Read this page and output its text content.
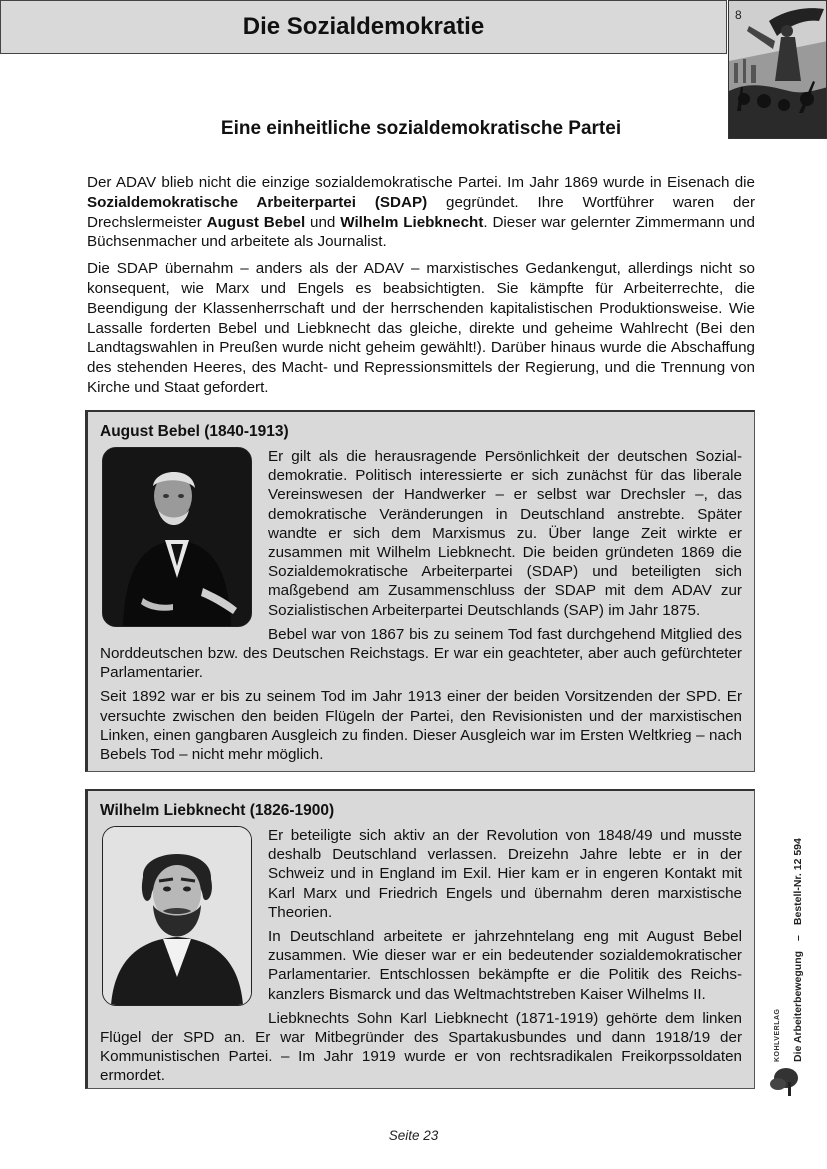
Die Sozialdemokratie	8
Eine einheitliche sozialdemokratische Partei

Der ADAV blieb nicht die einzige sozialdemokratische Partei. Im Jahr 1869 wurde in Eisenach die Sozialdemokratische Arbeiterpartei (SDAP) gegründet. Ihre Wortführer waren der Drechslermeister August Bebel und Wilhelm Liebknecht. Dieser war gelernter Zimmermann und Büchsenmacher und arbeitete als Journalist.

Die SDAP übernahm – anders als der ADAV – marxistisches Gedankengut, allerdings nicht so konsequent, wie Marx und Engels es beabsichtigten. Sie kämpfte für Arbeiterrechte, die Beendigung der Klassenherrschaft und der herrschenden kapitalistischen Produktionsweise. Wie Lassalle forderten Bebel und Liebknecht das gleiche, direkte und geheime Wahlrecht (Bei den Landtagswahlen in Preußen wurde nicht geheim gewählt!). Darüber hinaus wurde die Abschaffung des stehenden Heeres, des Macht- und Repressionsmittels der Regierung, und die Trennung von Kirche und Staat gefordert.

August Bebel (1840-1913)

Er gilt als die herausragende Persönlichkeit der deutschen Sozialdemokratie. Politisch interessierte er sich zunächst für das liberale Vereinswesen der Handwerker – er selbst war Drechsler –, das demokratische Veränderungen in Deutschland anstrebte. Später wandte er sich dem Marxismus zu. Über lange Zeit wirkte er zusammen mit Wilhelm Liebknecht. Die beiden gründeten 1869 die Sozialdemokratische Arbeiterpartei (SDAP) und beteiligten sich maßgebend am Zusammenschluss der SDAP mit dem ADAV zur Sozialistischen Arbeiterpartei Deutschlands (SAP) im Jahr 1875.

Bebel war von 1867 bis zu seinem Tod fast durchgehend Mitglied des Norddeutschen bzw. des Deutschen Reichstags. Er war ein geachteter, aber auch gefürchteter Parlamentarier.

Seit 1892 war er bis zu seinem Tod im Jahr 1913 einer der beiden Vorsitzenden der SPD. Er versuchte zwischen den beiden Flügeln der Partei, den Revisionisten und der marxistischen Linken, einen gangbaren Ausgleich zu finden. Dieser Ausgleich war im Ersten Weltkrieg – nach Bebels Tod – nicht mehr möglich.

Wilhelm Liebknecht (1826-1900)

Er beteiligte sich aktiv an der Revolution von 1848/49 und musste deshalb Deutschland verlassen. Dreizehn Jahre lebte er in der Schweiz und in England im Exil. Hier kam er in engeren Kontakt mit Karl Marx und Friedrich Engels und übernahm deren marxistische Theorien.

In Deutschland arbeitete er jahrzehntelang eng mit August Bebel zusammen. Wie dieser war er ein bedeutender sozialdemokratischer Parlamentarier. Entschlossen bekämpfte er die Politik des Reichskanzlers Bismarck und das Weltmachtstreben Kaiser Wilhelms II.

Liebknechts Sohn Karl Liebknecht (1871-1919) gehörte dem linken Flügel der SPD an. Er war Mitbegründer des Spartakusbundes und dann 1918/19 der Kommunistischen Partei. – Im Jahr 1919 wurde er von rechtsradikalen Freikorpssoldaten ermordet.

Die Arbeiterbewegung
–
Bestell-Nr. 12 594
KOHLVERLAG
Seite 23
